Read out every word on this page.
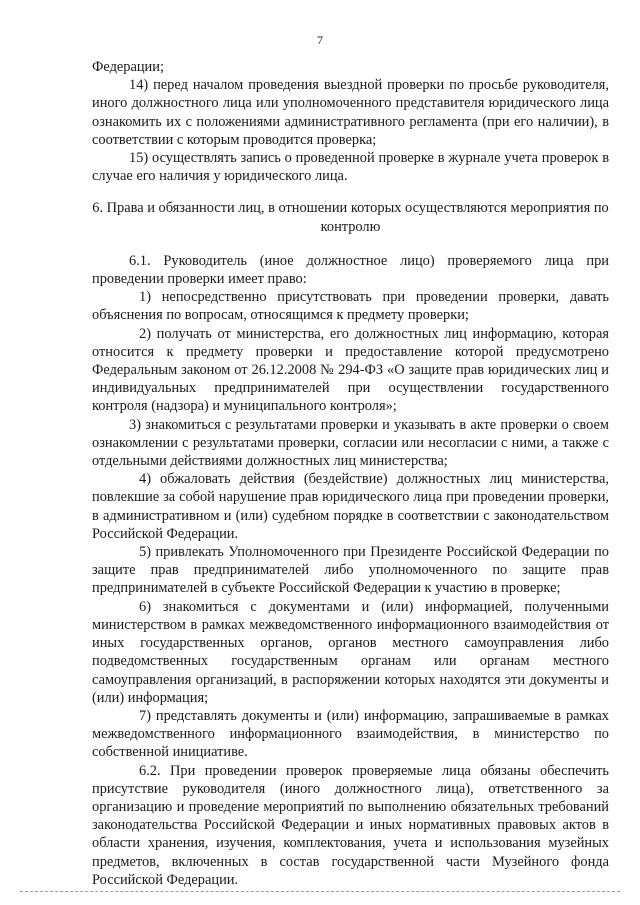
7

Федерации;

14) перед началом проведения выездной проверки по просьбе руководителя, иного должностного лица или уполномоченного представителя юридического лица ознакомить их с положениями административного регламента (при его наличии), в соответствии с которым проводится проверка;

15) осуществлять запись о проведенной проверке в журнале учета проверок в случае его наличия у юридического лица.

6. Права и обязанности лиц, в отношении которых осуществляются мероприятия по контролю

6.1. Руководитель (иное должностное лицо) проверяемого лица при проведении проверки имеет право:

1) непосредственно присутствовать при проведении проверки, давать объяснения по вопросам, относящимся к предмету проверки;

2) получать от министерства, его должностных лиц информацию, которая относится к предмету проверки и предоставление которой предусмотрено Федеральным законом от 26.12.2008 № 294-ФЗ «О защите прав юридических лиц и индивидуальных предпринимателей при осуществлении государственного контроля (надзора) и муниципального контроля»;

3) знакомиться с результатами проверки и указывать в акте проверки о своем ознакомлении с результатами проверки, согласии или несогласии с ними, а также с отдельными действиями должностных лиц министерства;

4) обжаловать действия (бездействие) должностных лиц министерства, повлекшие за собой нарушение прав юридического лица при проведении проверки, в административном и (или) судебном порядке в соответствии с законодательством Российской Федерации.

5) привлекать Уполномоченного при Президенте Российской Федерации по защите прав предпринимателей либо уполномоченного по защите прав предпринимателей в субъекте Российской Федерации к участию в проверке;

6) знакомиться с документами и (или) информацией, полученными министерством в рамках межведомственного информационного взаимодействия от иных государственных органов, органов местного самоуправления либо подведомственных государственным органам или органам местного самоуправления организаций, в распоряжении которых находятся эти документы и (или) информация;

7) представлять документы и (или) информацию, запрашиваемые в рамках межведомственного информационного взаимодействия, в министерство по собственной инициативе.

6.2. При проведении проверок проверяемые лица обязаны обеспечить присутствие руководителя (иного должностного лица), ответственного за организацию и проведение мероприятий по выполнению обязательных требований законодательства Российской Федерации и иных нормативных правовых актов в области хранения, изучения, комплектования, учета и использования музейных предметов, включенных в состав государственной части Музейного фонда Российской Федерации.
